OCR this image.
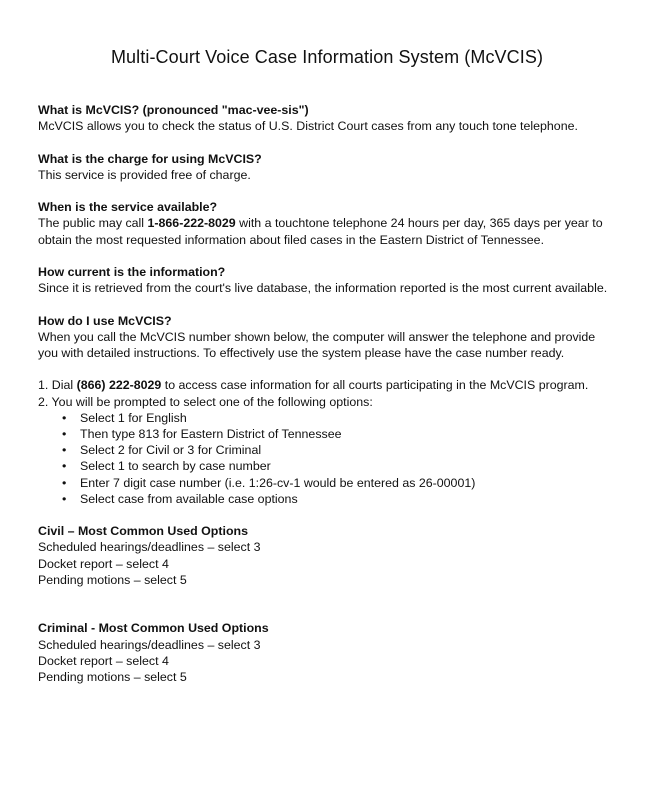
Multi-Court Voice Case Information System (McVCIS)
What is McVCIS? (pronounced "mac-vee-sis")
McVCIS allows you to check the status of U.S. District Court cases from any touch tone telephone.
What is the charge for using McVCIS?
This service is provided free of charge.
When is the service available?
The public may call 1-866-222-8029 with a touchtone telephone 24 hours per day, 365 days per year to obtain the most requested information about filed cases in the Eastern District of Tennessee.
How current is the information?
Since it is retrieved from the court's live database, the information reported is the most current available.
How do I use McVCIS?
When you call the McVCIS number shown below, the computer will answer the telephone and provide you with detailed instructions. To effectively use the system please have the case number ready.
1. Dial (866) 222-8029 to access case information for all courts participating in the McVCIS program.
2. You will be prompted to select one of the following options:
• Select 1 for English
• Then type 813 for Eastern District of Tennessee
• Select 2 for Civil or 3 for Criminal
• Select 1 to search by case number
• Enter 7 digit case number (i.e. 1:26-cv-1 would be entered as 26-00001)
• Select case from available case options
Civil – Most Common Used Options
Scheduled hearings/deadlines – select 3
Docket report – select 4
Pending motions – select 5
Criminal - Most Common Used Options
Scheduled hearings/deadlines – select 3
Docket report – select 4
Pending motions – select 5
